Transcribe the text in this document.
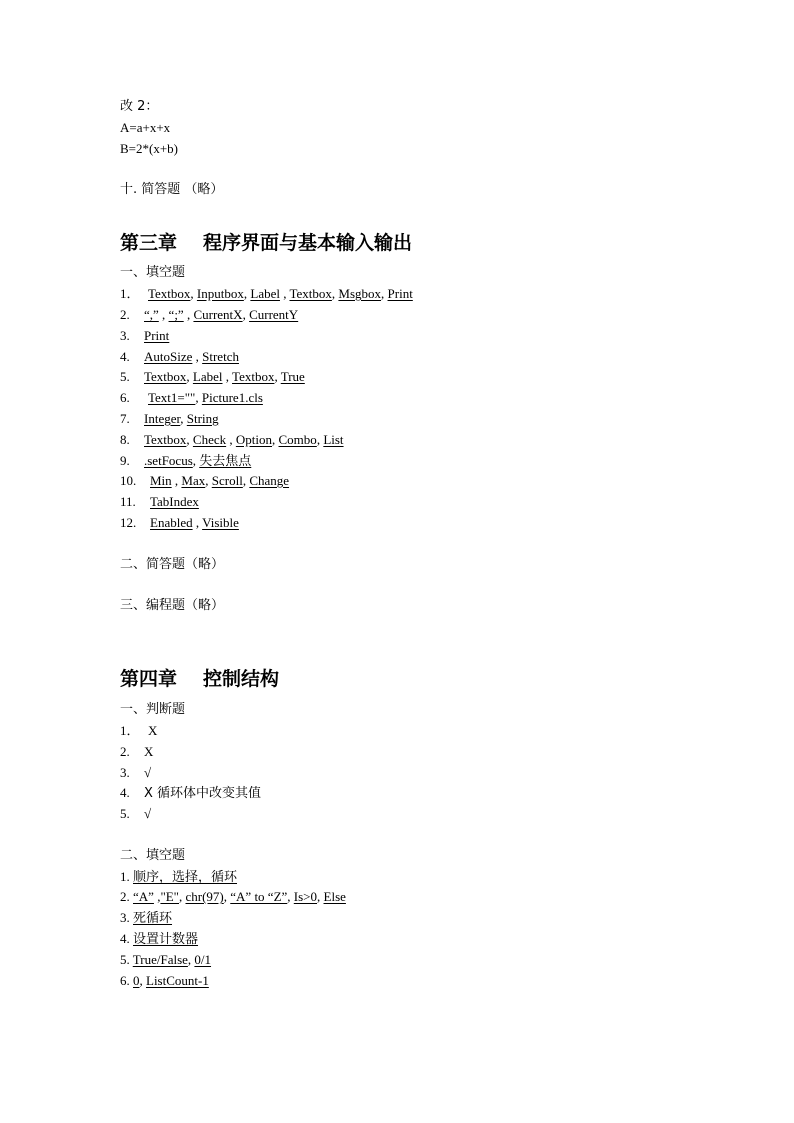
改 2：
A=a+x+x
B=2*(x+b)
十. 简答题 （略）
第三章 程序界面与基本输入输出
一、填空题
1． Textbox, Inputbox, Label , Textbox, Msgbox, Print
2. “,” , “;” , CurrentX, CurrentY
3. Print
4. AutoSize , Stretch
5. Textbox, Label , Textbox, True
6. Text1="", Picture1.cls
7. Integer, String
8. Textbox, Check , Option, Combo, List
9. .setFocus, 失去焦点
10. Min , Max, Scroll, Change
11. TabIndex
12. Enabled , Visible
二、简答题（略）
三、编程题（略）
第四章 控制结构
一、判断题
1． X
2. X
3. √
4. X 循环体中改变其值
5. √
二、填空题
1. 顺序，选择，循环
2. “A” ,"E", chr(97), “A” to “Z”, Is>0, Else
3. 死循环
4. 设置计数器
5. True/False, 0/1
6. 0, ListCount-1
